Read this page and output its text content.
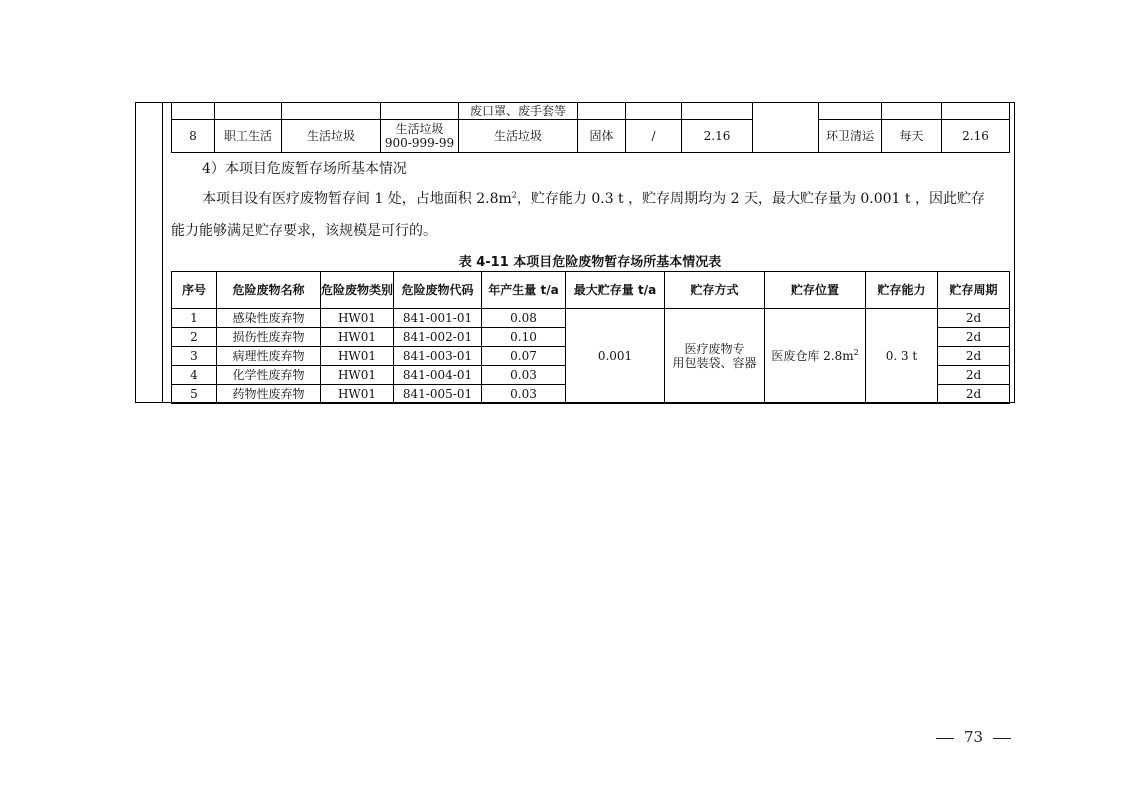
				废口罩、废手套等							
8	职工生活	生活垃圾	生活垃圾
900-999-99	生活垃圾	固体	/	2.16		环卫清运	每天	2.16
4）本项目危废暂存场所基本情况
本项目设有医疗废物暂存间 1 处，占地面积 $2.8m^2$，贮存能力 0.3 t ，贮存周期均为 2 天，最大贮存量为 0.001 t ，因此贮存
能力能够满足贮存要求，该规模是可行的。
表 4-11 本项目危险废物暂存场所基本情况表
序号	危险废物名称	危险废物类别	危险废物代码	年产生量 t/a	最大贮存量 t/a	贮存方式	贮存位置	贮存能力	贮存周期
1	感染性废弃物	HW01	841-001-01	0.08	0.001	医疗废物专
用包装袋、容器	医废仓库 $2.8m^2$	0. 3 t	2d
2	损伤性废弃物	HW01	841-002-01	0.10					2d
3	病理性废弃物	HW01	841-003-01	0.07					2d
4	化学性废弃物	HW01	841-004-01	0.03					2d
5	药物性废弃物	HW01	841-005-01	0.03					2d
73
